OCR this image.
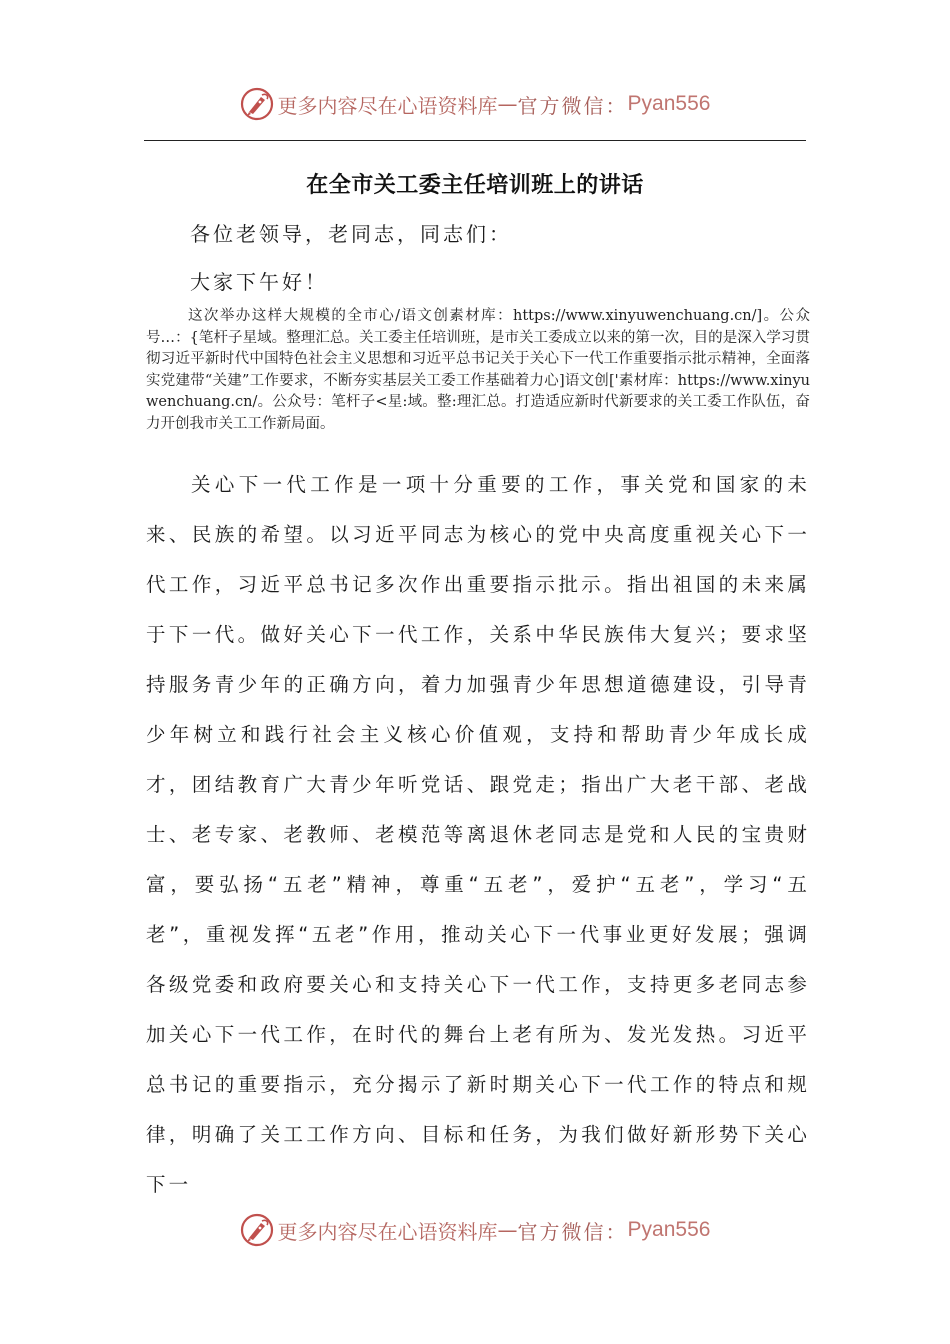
更多内容尽在心语资料库 — 官方微信： Pyan556
在全市关工委主任培训班上的讲话
各位老领导，老同志，同志们：
大家下午好！
这次举办这样大规模的全市心/语文创素材库：https://www.xinyuwenchuang.cn/]。公众号…：{笔杆子星域。整理汇总。关工委主任培训班，是市关工委成立以来的第一次，目的是深入学习贯彻习近平新时代中国特色社会主义思想和习近平总书记关于关心下一代工作重要指示批示精神，全面落实党建带“关建”工作要求，不断夯实基层关工委工作基础着力心]语文创['素材库：https://www.xinyuwenchuang.cn/。公众号：笔杆子<星:域。整:理汇总。打造适应新时代新要求的关工委工作队伍，奋力开创我市关工工作新局面。
关心下一代工作是一项十分重要的工作，事关党和国家的未来、民族的希望。以习近平同志为核心的党中央高度重视关心下一代工作，习近平总书记多次作出重要指示批示。指出祖国的未来属于下一代。做好关心下一代工作，关系中华民族伟大复兴；要求坚持服务青少年的正确方向，着力加强青少年思想道德建设，引导青少年树立和践行社会主义核心价值观，支持和帮助青少年成长成才，团结教育广大青少年听党话、跟党走；指出广大老干部、老战士、老专家、老教师、老模范等离退休老同志是党和人民的宝贵财富，要弘扬“五老”精神，尊重“五老”，爱护“五老”，学习“五老”，重视发挥“五老”作用，推动关心下一代事业更好发展；强调各级党委和政府要关心和支持关心下一代工作，支持更多老同志参加关心下一代工作，在时代的舞台上老有所为、发光发热。习近平总书记的重要指示，充分揭示了新时期关心下一代工作的特点和规律，明确了关工工作方向、目标和任务，为我们做好新形势下关心下一
更多内容尽在心语资料库 — 官方微信： Pyan556
